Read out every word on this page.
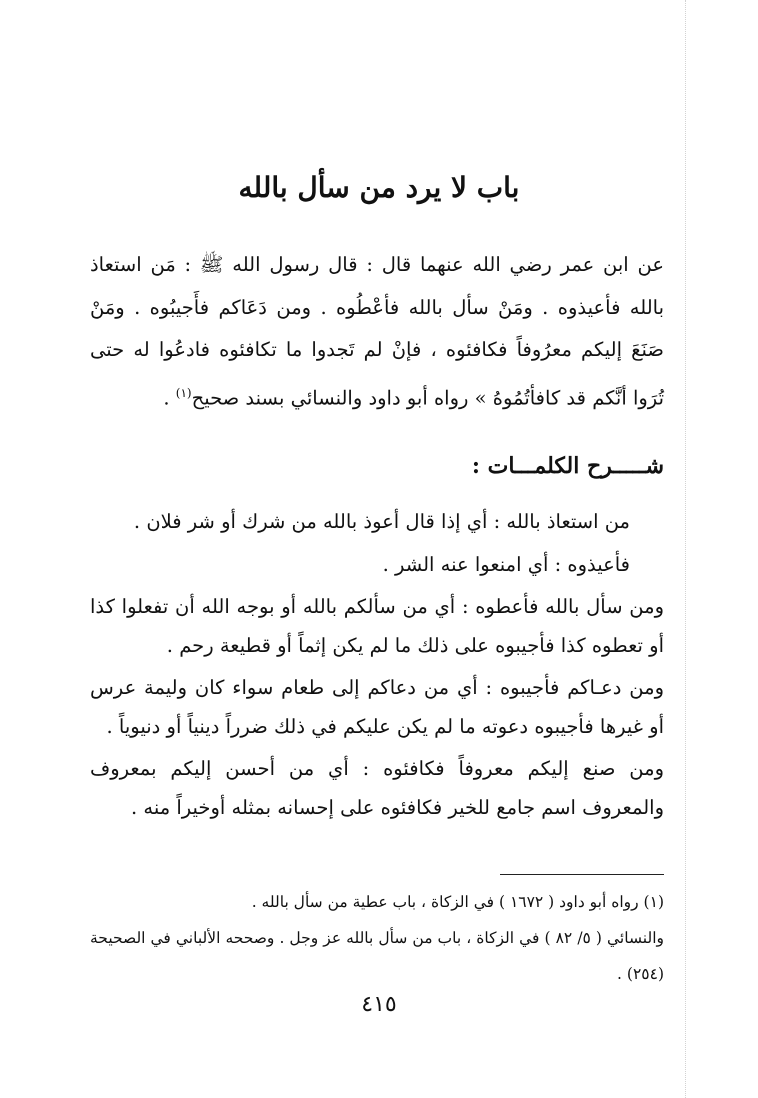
باب لا يرد من سأل بالله

عن ابن عمر رضي الله عنهما قال : قال رسول الله ﷺ : مَن استعاذ بالله فأعيذوه . ومَنْ سأل بالله فأعْطُوه . ومن دَعَاكم فأَجيبُوه . ومَنْ صَنَعَ إليكم معرُوفاً فكافئوه ، فإنْ لم تَجدوا ما تكافئوه فادعُوا له حتى تُرَوا أنَّكم قد كافأتُمُوهُ » رواه أبو داود والنسائي بسند صحيح$^{(١)}$ .

شـــــرح الكلمـــات :

من استعاذ بالله : أي إذا قال أعوذ بالله من شرك أو شر فلان .

فأعيذوه : أي امنعوا عنه الشر .

ومن سأل بالله فأعطوه : أي من سألكم بالله أو بوجه الله أن تفعلوا كذا أو تعطوه كذا فأجيبوه على ذلك ما لم يكن إثماً أو قطيعة رحم .

ومن دعـاكم فأجيبوه : أي من دعاكم إلى طعام سواء كان وليمة عرس أو غيرها فأجيبوه دعوته ما لم يكن عليكم في ذلك ضرراً دينياً أو دنيوياً .

ومن صنع إليكم معروفاً فكافئوه : أي من أحسن إليكم بمعروف والمعروف اسم جامع للخير فكافئوه على إحسانه بمثله أوخيراً منه .

(١) رواه أبو داود ( ١٦٧٢ ) في الزكاة ، باب عطية من سأل بالله .

والنسائي ( ٥/ ٨٢ ) في الزكاة ، باب من سأل بالله عز وجل . وصححه الألباني في الصحيحة (٢٥٤) .

٤١٥
